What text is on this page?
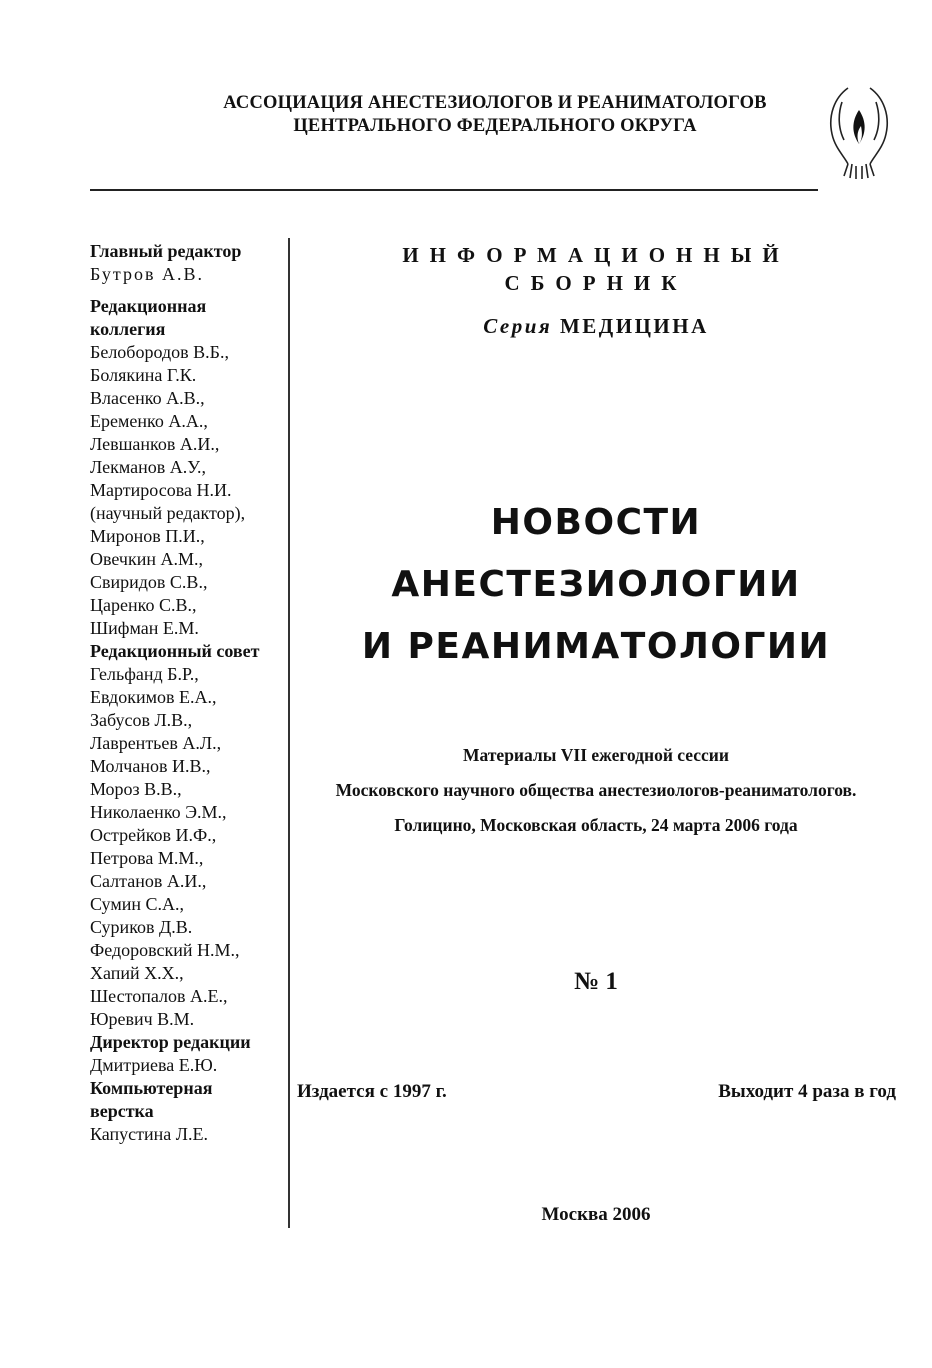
АССОЦИАЦИЯ АНЕСТЕЗИОЛОГОВ И РЕАНИМАТОЛОГОВ
ЦЕНТРАЛЬНОГО ФЕДЕРАЛЬНОГО ОКРУГА
Главный редактор
Бутров А.В.
Редакционная
коллегия
Белобородов В.Б.,
Болякина Г.К.
Власенко А.В.,
Еременко А.А.,
Левшанков А.И.,
Лекманов А.У.,
Мартиросова Н.И.
(научный редактор),
Миронов П.И.,
Овечкин А.М.,
Свиридов С.В.,
Царенко С.В.,
Шифман Е.М.
Редакционный совет
Гельфанд Б.Р.,
Евдокимов Е.А.,
Забусов Л.В.,
Лаврентьев А.Л.,
Молчанов И.В.,
Мороз В.В.,
Николаенко Э.М.,
Острейков И.Ф.,
Петрова М.М.,
Салтанов А.И.,
Сумин С.А.,
Суриков Д.В.
Федоровский Н.М.,
Хапий Х.Х.,
Шестопалов А.Е.,
Юревич В.М.
Директор редакции
Дмитриева Е.Ю.
Компьютерная
верстка
Капустина Л.Е.
ИНФОРМАЦИОННЫЙ
СБОРНИК
Серия МЕДИЦИНА
НОВОСТИ
АНЕСТЕЗИОЛОГИИ
И РЕАНИМАТОЛОГИИ
Материалы VII ежегодной сессии
Московского научного общества анестезиологов-реаниматологов.
Голицино, Московская область, 24 марта 2006 года
№ 1
Издается с 1997 г.	Выходит 4 раза в год
Москва 2006
